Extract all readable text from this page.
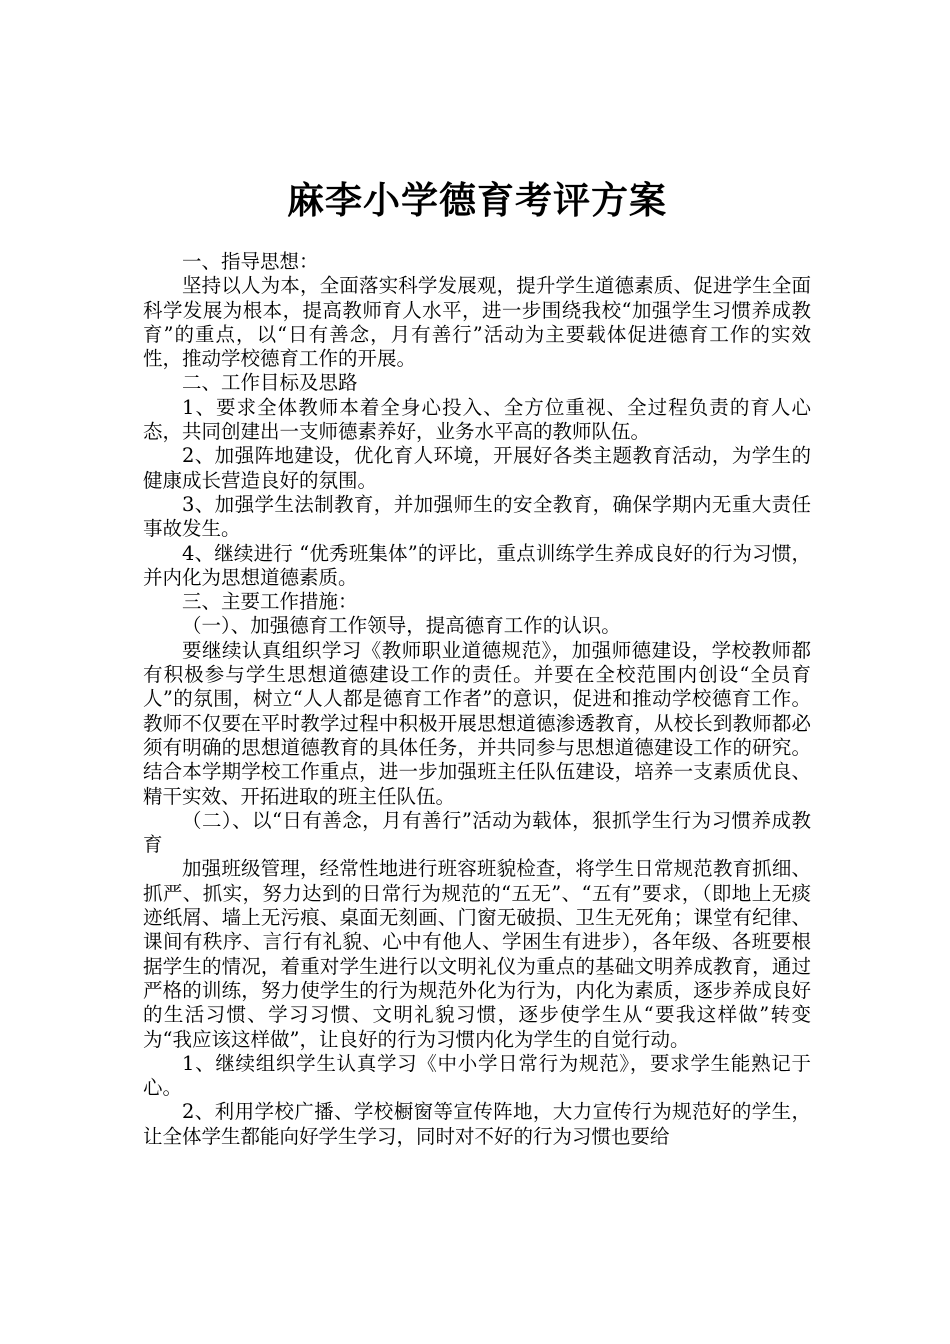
麻李小学德育考评方案

一、指导思想：

坚持以人为本，全面落实科学发展观，提升学生道德素质、促进学生全面科学发展为根本，提高教师育人水平，进一步围绕我校“加强学生习惯养成教育”的重点，以“日有善念，月有善行”活动为主要载体促进德育工作的实效性，推动学校德育工作的开展。

二、工作目标及思路

1、要求全体教师本着全身心投入、全方位重视、全过程负责的育人心态，共同创建出一支师德素养好，业务水平高的教师队伍。

2、加强阵地建设，优化育人环境，开展好各类主题教育活动，为学生的健康成长营造良好的氛围。

3、加强学生法制教育，并加强师生的安全教育，确保学期内无重大责任事故发生。

4、继续进行 “优秀班集体”的评比，重点训练学生养成良好的行为习惯，并内化为思想道德素质。

三、主要工作措施：

（一）、加强德育工作领导，提高德育工作的认识。

要继续认真组织学习《教师职业道德规范》，加强师德建设，学校教师都有积极参与学生思想道德建设工作的责任。并要在全校范围内创设“全员育人”的氛围，树立“人人都是德育工作者”的意识，促进和推动学校德育工作。教师不仅要在平时教学过程中积极开展思想道德渗透教育，从校长到教师都必须有明确的思想道德教育的具体任务，并共同参与思想道德建设工作的研究。结合本学期学校工作重点，进一步加强班主任队伍建设，培养一支素质优良、精干实效、开拓进取的班主任队伍。

（二）、以“日有善念，月有善行”活动为载体，狠抓学生行为习惯养成教育

加强班级管理，经常性地进行班容班貌检查，将学生日常规范教育抓细、抓严、抓实，努力达到的日常行为规范的“五无”、“五有”要求，（即地上无痰迹纸屑、墙上无污痕、桌面无刻画、门窗无破损、卫生无死角；课堂有纪律、课间有秩序、言行有礼貌、心中有他人、学困生有进步），各年级、各班要根据学生的情况，着重对学生进行以文明礼仪为重点的基础文明养成教育，通过严格的训练，努力使学生的行为规范外化为行为，内化为素质，逐步养成良好的生活习惯、学习习惯、文明礼貌习惯，逐步使学生从“要我这样做”转变为“我应该这样做”，让良好的行为习惯内化为学生的自觉行动。

1、继续组织学生认真学习《中小学日常行为规范》，要求学生能熟记于心。

2、利用学校广播、学校橱窗等宣传阵地，大力宣传行为规范好的学生，让全体学生都能向好学生学习，同时对不好的行为习惯也要给
